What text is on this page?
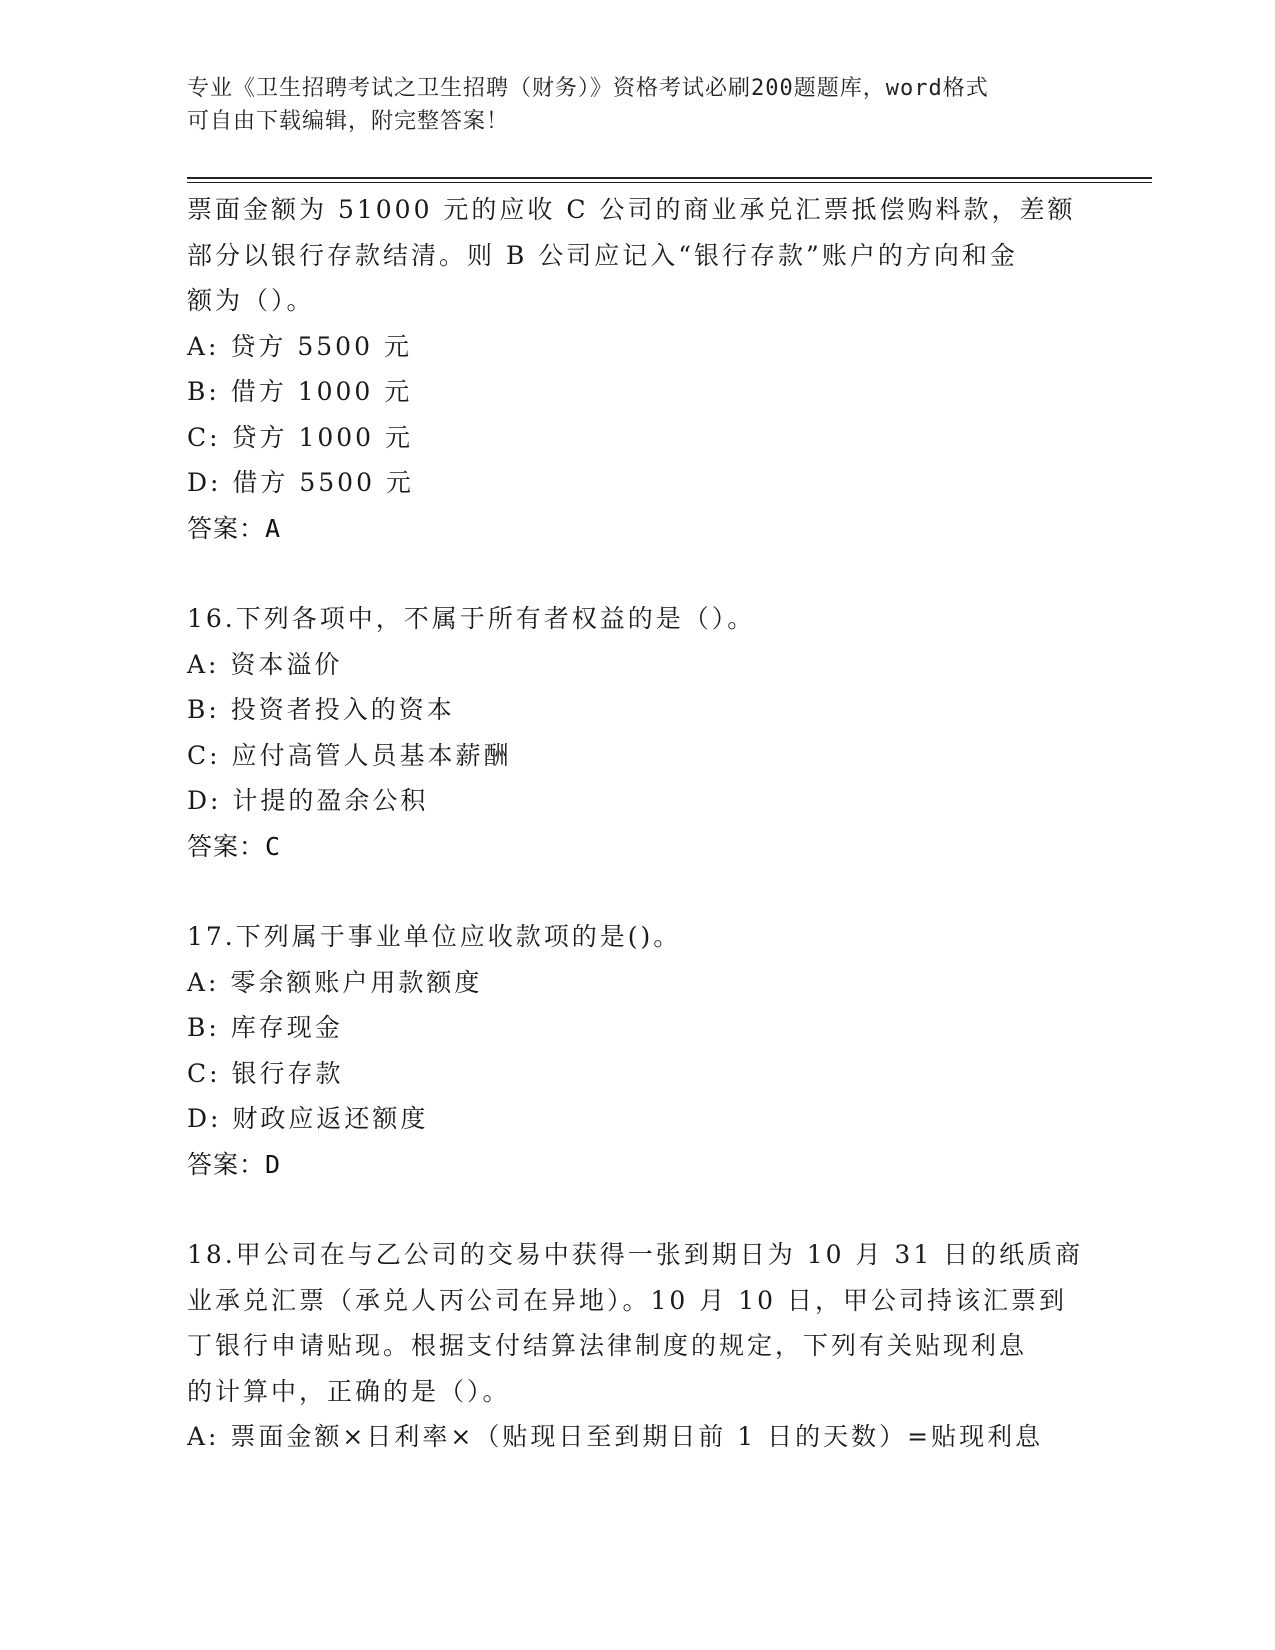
专业《卫生招聘考试之卫生招聘（财务）》资格考试必刷200题题库，word格式
可自由下载编辑，附完整答案！
票面金额为 51000 元的应收 C 公司的商业承兑汇票抵偿购料款，差额
部分以银行存款结清。则 B 公司应记入“银行存款”账户的方向和金
额为（）。
A: 贷方 5500 元
B: 借方 1000 元
C: 贷方 1000 元
D: 借方 5500 元
答案：A
16.下列各项中，不属于所有者权益的是（）。
A: 资本溢价
B: 投资者投入的资本
C: 应付高管人员基本薪酬
D: 计提的盈余公积
答案：C
17.下列属于事业单位应收款项的是()。
A: 零余额账户用款额度
B: 库存现金
C: 银行存款
D: 财政应返还额度
答案：D
18.甲公司在与乙公司的交易中获得一张到期日为 10 月 31 日的纸质商
业承兑汇票（承兑人丙公司在异地）。10 月 10 日，甲公司持该汇票到
丁银行申请贴现。根据支付结算法律制度的规定，下列有关贴现利息
的计算中，正确的是（）。
A: 票面金额×日利率×（贴现日至到期日前 1 日的天数）=贴现利息
